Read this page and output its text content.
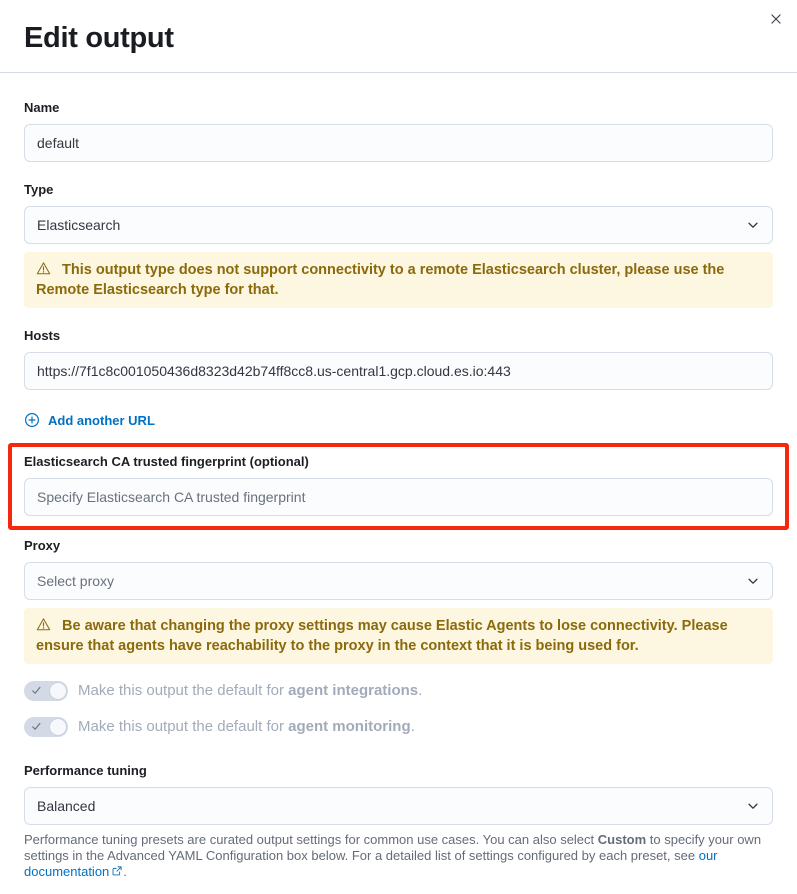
Edit output
Name
default
Type
Elasticsearch
This output type does not support connectivity to a remote Elasticsearch cluster, please use the Remote Elasticsearch type for that.
Hosts
https://7f1c8c001050436d8323d42b74ff8cc8.us-central1.gcp.cloud.es.io:443
Add another URL
Elasticsearch CA trusted fingerprint (optional)
Specify Elasticsearch CA trusted fingerprint
Proxy
Select proxy
Be aware that changing the proxy settings may cause Elastic Agents to lose connectivity. Please ensure that agents have reachability to the proxy in the context that it is being used for.
Make this output the default for agent integrations.
Make this output the default for agent monitoring.
Performance tuning
Balanced
Performance tuning presets are curated output settings for common use cases. You can also select Custom to specify your own settings in the Advanced YAML Configuration box below. For a detailed list of settings configured by each preset, see our documentation .
